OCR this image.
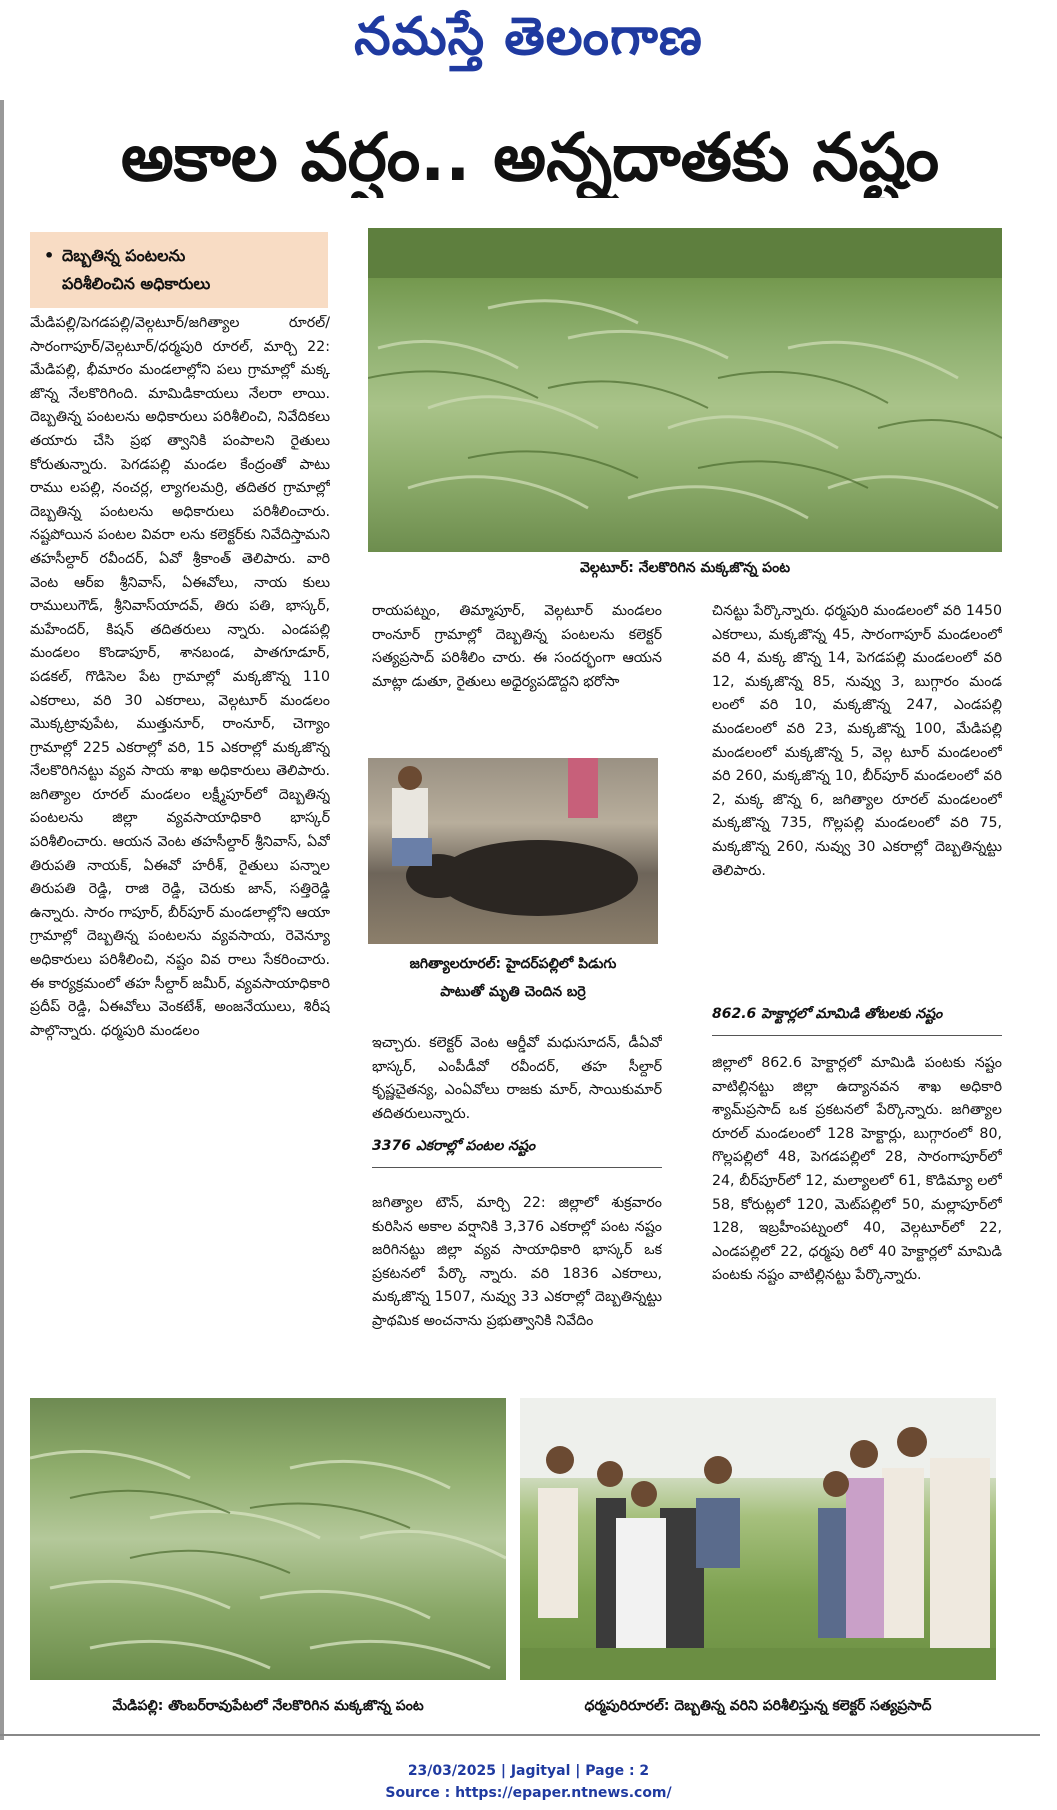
నమస్తే తెలంగాణ
అకాల వర్షం.. అన్నదాతకు నష్టం
• దెబ్బతిన్న పంటలను
పరిశీలించిన అధికారులు

మేడిపల్లి/పెగడపల్లి/వెల్గటూర్/జగిత్యాల రూరల్/సారంగాపూర్/వెల్గటూర్/ధర్మపురి రూరల్, మార్చి 22: మేడిపల్లి, భీమారం మండలాల్లోని పలు గ్రామాల్లో మక్క జొన్న నేలకొరిగింది. మామిడికాయలు నేలరా లాయి. దెబ్బతిన్న పంటలను అధికారులు పరిశీలించి, నివేదికలు తయారు చేసి ప్రభ త్వానికి పంపాలని రైతులు కోరుతున్నారు. పెగడపల్లి మండల కేంద్రంతో పాటు రాము లపల్లి, నంచర్ల, ల్యాగలమర్రి, తదితర గ్రామాల్లో దెబ్బతిన్న పంటలను అధికారులు పరిశీలించారు. నష్టపోయిన పంటల వివరా లను కలెక్టర్‌కు నివేదిస్తామని తహసీల్దార్ రవీందర్, ఏవో శ్రీకాంత్ తెలిపారు. వారి వెంట ఆర్ఐ శ్రీనివాస్, ఏఈవోలు, నాయ కులు రాములుగౌడ్, శ్రీనివాస్‌యాదవ్, తిరు పతి, భాస్కర్, మహేందర్, కిషన్ తదితరులు న్నారు. ఎండపల్లి మండలం కొండాపూర్, శానబండ, పాతగూడూర్, పడకల్, గొడిసెల పేట గ్రామాల్లో మక్కజొన్న 110 ఎకరాలు, వరి 30 ఎకరాలు, వెల్గటూర్ మండలం మొక్కట్రావుపేట, ముత్తునూర్, రాంనూర్, చెగ్యాం గ్రామాల్లో 225 ఎకరాల్లో వరి, 15 ఎకరాల్లో మక్కజొన్న నేలకొరిగినట్టు వ్యవ సాయ శాఖ అధికారులు తెలిపారు. జగిత్యాల రూరల్ మండలం లక్ష్మీపూర్‌లో దెబ్బతిన్న పంటలను జిల్లా వ్యవసాయాధికారి భాస్కర్ పరిశీలించారు. ఆయన వెంట తహసీల్దార్ శ్రీనివాస్, ఏవో తిరుపతి నాయక్, ఏఈవో హరీశ్, రైతులు పన్నాల తిరుపతి రెడ్డి, రాజి రెడ్డి, చెరుకు జాన్, సత్తిరెడ్డి ఉన్నారు. సారం గాపూర్, బీర్‌పూర్ మండలాల్లోని ఆయా గ్రామాల్లో దెబ్బతిన్న పంటలను వ్యవసాయ, రెవెన్యూ అధికారులు పరిశీలించి, నష్టం వివ రాలు సేకరించారు. ఈ కార్యక్రమంలో తహ సీల్దార్ జమీర్, వ్యవసాయాధికారి ప్రదీప్ రెడ్డి, ఏఈవోలు వెంకటేశ్, అంజనేయులు, శిరీష పాల్గొన్నారు. ధర్మపురి మండలం

వెల్గటూర్: నేలకొరిగిన మక్కజొన్న పంట

రాయపట్నం, తిమ్మాపూర్, వెల్గటూర్ మండలం రాంనూర్ గ్రామాల్లో దెబ్బతిన్న పంటలను కలెక్టర్ సత్యప్రసాద్ పరిశీలిం చారు. ఈ సందర్భంగా ఆయన మాట్లా డుతూ, రైతులు అధైర్యపడొద్దని భరోసా

జగిత్యాలరూరల్: హైదర్‌పల్లిలో పిడుగు
పాటుతో మృతి చెందిన బర్రె

ఇచ్చారు. కలెక్టర్ వెంట ఆర్డీవో మధుసూదన్, డీఏవో భాస్కర్, ఎంపీడీవో రవీందర్, తహ సీల్దార్ కృష్ణచైతన్య, ఎంఏవోలు రాజకు మార్, సాయికుమార్ తదితరులున్నారు.

3376 ఎకరాల్లో పంటల నష్టం

జగిత్యాల టౌన్, మార్చి 22: జిల్లాలో శుక్రవారం కురిసిన అకాల వర్షానికి 3,376 ఎకరాల్లో పంట నష్టం జరిగినట్టు జిల్లా వ్యవ సాయాధికారి భాస్కర్ ఒక ప్రకటనలో పేర్కొ న్నారు. వరి 1836 ఎకరాలు, మక్కజొన్న 1507, నువ్వు 33 ఎకరాల్లో దెబ్బతిన్నట్టు ప్రాథమిక అంచనాను ప్రభుత్వానికి నివేదిం

చినట్టు పేర్కొన్నారు. ధర్మపురి మండలంలో వరి 1450 ఎకరాలు, మక్కజొన్న 45, సారంగాపూర్ మండలంలో వరి 4, మక్క జొన్న 14, పెగడపల్లి మండలంలో వరి 12, మక్కజొన్న 85, నువ్వు 3, బుగ్గారం మండ లంలో వరి 10, మక్కజొన్న 247, ఎండపల్లి మండలంలో వరి 23, మక్కజొన్న 100, మేడిపల్లి మండలంలో మక్కజొన్న 5, వెల్గ టూర్ మండలంలో వరి 260, మక్కజొన్న 10, బీర్‌పూర్ మండలంలో వరి 2, మక్క జొన్న 6, జగిత్యాల రూరల్ మండలంలో మక్కజొన్న 735, గొల్లపల్లి మండలంలో వరి 75, మక్కజొన్న 260, నువ్వు 30 ఎకరాల్లో దెబ్బతిన్నట్టు తెలిపారు.

862.6 హెక్టార్లలో మామిడి తోటలకు నష్టం

జిల్లాలో 862.6 హెక్టార్లలో మామిడి పంటకు నష్టం వాటిల్లినట్టు జిల్లా ఉద్యానవన శాఖ అధికారి శ్యామ్‌ప్రసాద్ ఒక ప్రకటనలో పేర్కొన్నారు. జగిత్యాల రూరల్ మండలంలో 128 హెక్టార్లు, బుగ్గారంలో 80, గొల్లపల్లిలో 48, పెగడపల్లిలో 28, సారంగాపూర్‌లో 24, బీర్‌పూర్‌లో 12, మల్యాలలో 61, కొడిమ్యా లలో 58, కోరుట్లలో 120, మెట్‌పల్లిలో 50, మల్లాపూర్‌లో 128, ఇబ్రహీంపట్నంలో 40, వెల్గటూర్‌లో 22, ఎండపల్లిలో 22, ధర్మపు రిలో 40 హెక్టార్లలో మామిడి పంటకు నష్టం వాటిల్లినట్టు పేర్కొన్నారు.

మేడిపల్లి: తొంబర్‌రావుపేటలో నేలకొరిగిన మక్కజొన్న పంట	ధర్మపురిరూరల్: దెబ్బతిన్న వరిని పరిశీలిస్తున్న కలెక్టర్ సత్యప్రసాద్
23/03/2025 | Jagityal | Page : 2
Source : https://epaper.ntnews.com/
